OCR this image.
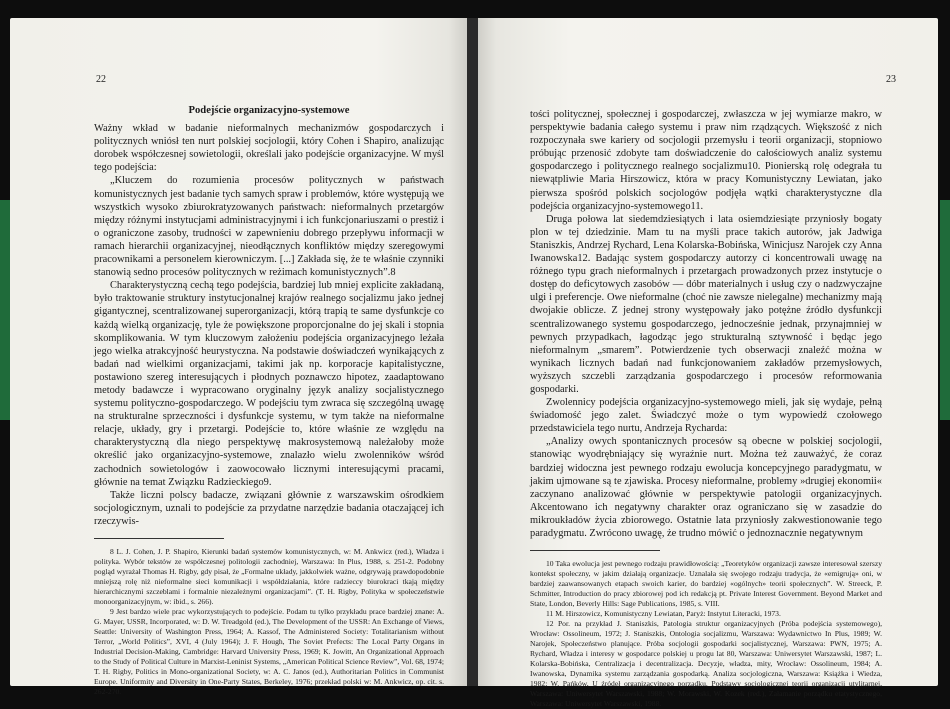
22
Podejście organizacyjno-systemowe

Ważny wkład w badanie nieformalnych mechanizmów gospodarczych i politycznych wniósł ten nurt polskiej socjologii, który Cohen i Shapiro, analizując dorobek współczesnej sowietologii, określali jako podejście organizacyjne. W myśl tego podejścia:

„Kluczem do rozumienia procesów politycznych w państwach komunistycznych jest badanie tych samych spraw i problemów, które występują we wszystkich wysoko zbiurokratyzowanych państwach: nieformalnych przetargów między różnymi instytucjami administracyjnymi i ich funkcjonariuszami o prestiż i o ograniczone zasoby, trudności w zapewnieniu dobrego przepływu informacji w ramach hierarchii organizacyjnej, nieodłącznych konfliktów między szeregowymi pracownikami a personelem kierowniczym. [...] Zakłada się, że te właśnie czynniki stanowią sedno procesów politycznych w reżimach komunistycznych”.8

Charakterystyczną cechą tego podejścia, bardziej lub mniej explicite zakładaną, było traktowanie struktury instytucjonalnej krajów realnego socjalizmu jako jednej gigantycznej, scentralizowanej superorganizacji, którą trapią te same dysfunkcje co każdą wielką organizację, tyle że powiększone proporcjonalne do jej skali i stopnia skomplikowania. W tym kluczowym założeniu podejścia organizacyjnego leżała jego wielka atrakcyjność heurystyczna. Na podstawie doświadczeń wynikających z badań nad wielkimi organizacjami, takimi jak np. korporacje kapitalistyczne, postawiono szereg interesujących i płodnych poznawczo hipotez, zaadaptowano metody badawcze i wypracowano oryginalny język analizy socjalistycznego systemu polityczno-gospodarczego. W podejściu tym zwraca się szczególną uwagę na strukturalne sprzeczności i dysfunkcje systemu, w tym także na nieformalne relacje, układy, gry i przetargi. Podejście to, które właśnie ze względu na charakterystyczną dla niego perspektywę makrosystemową należałoby może określić jako organizacyjno-systemowe, znalazło wielu zwolenników wśród zachodnich sowietologów i zaowocowało licznymi interesującymi pracami, głównie na temat Związku Radzieckiego9.

Także liczni polscy badacze, związani głównie z warszawskim ośrodkiem socjologicznym, uznali to podejście za przydatne narzędzie badania otaczającej ich rzeczywis-

8 L. J. Cohen, J. P. Shapiro, Kierunki badań systemów komunistycznych, w: M. Ankwicz (red.), Władza i polityka. Wybór tekstów ze współczesnej politologii zachodniej, Warszawa: In Plus, 1988, s. 251-2. Podobny pogląd wyrażał Thomas H. Rigby, gdy pisał, że „Formalne układy, jakkolwiek ważne, odgrywają prawdopodobnie mniejszą rolę niż nieformalne sieci komunikacji i współdziałania, które radzieccy biurokraci tkają między hierarchicznymi szczeblami i formalnie niezależnymi organizacjami”. (T. H. Rigby, Polityka w społeczeństwie monoorganizacyjnym, w: ibid., s. 266).

9 Jest bardzo wiele prac wykorzystujących to podejście. Podam tu tylko przykładu prace bardziej znane: A. G. Mayer, USSR, Incorporated, w: D. W. Treadgold (ed.), The Development of the USSR: An Exchange of Views, Seattle: University of Washington Press, 1964; A. Kassof, The Administered Society: Totalitarianism without Terror, „World Politics”, XVI, 4 (July 1964); J. F. Hough, The Soviet Prefects: The Local Party Organs in Industrial Decision-Making, Cambridge: Harvard University Press, 1969; K. Jowitt, An Organizational Approach to the Study of Political Culture in Marxist-Leninist Systems, „American Political Science Review”, Vol. 68, 1974; T. H. Rigby, Politics in Mono-organizational Society, w: A. C. Janos (ed.), Authoritarian Politics in Communist Europe. Uniformity and Diversity in One-Party States, Berkeley, 1976; przekład polski w: M. Ankwicz, op. cit. s. 262-270.

23

tości politycznej, społecznej i gospodarczej, zwłaszcza w jej wymiarze makro, w perspektywie badania całego systemu i praw nim rządzących. Większość z nich rozpoczynała swe kariery od socjologii przemysłu i teorii organizacji, stopniowo próbując przenosić zdobyte tam doświadczenie do całościowych analiz systemu gospodarczego i politycznego realnego socjalizmu10. Pionierską rolę odegrała tu niewątpliwie Maria Hirszowicz, która w pracy Komunistyczny Lewiatan, jako pierwsza spośród polskich socjologów podjęła wątki charakterystyczne dla podejścia organizacyjno-systemowego11.

Druga połowa lat siedemdziesiątych i lata osiemdziesiąte przyniosły bogaty plon w tej dziedzinie. Mam tu na myśli prace takich autorów, jak Jadwiga Staniszkis, Andrzej Rychard, Lena Kolarska-Bobińska, Winicjusz Narojek czy Anna Iwanowska12. Badając system gospodarczy autorzy ci koncentrowali uwagę na różnego typu grach nieformalnych i przetargach prowadzonych przez instytucje o dostęp do deficytowych zasobów — dóbr materialnych i usług czy o nadzwyczajne ulgi i preferencje. Owe nieformalne (choć nie zawsze nielegalne) mechanizmy mają dwojakie oblicze. Z jednej strony występowały jako potężne źródło dysfunkcji scentralizowanego systemu gospodarczego, jednocześnie jednak, przynajmniej w pewnych przypadkach, łagodząc jego strukturalną sztywność i będąc jego nieformalnym „smarem”. Potwierdzenie tych obserwacji znaleźć można w wynikach licznych badań nad funkcjonowaniem zakładów przemysłowych, wyższych szczebli zarządzania gospodarczego i procesów reformowania gospodarki.

Zwolennicy podejścia organizacyjno-systemowego mieli, jak się wydaje, pełną świadomość jego zalet. Świadczyć może o tym wypowiedź czołowego przedstawiciela tego nurtu, Andrzeja Rycharda:

„Analizy owych spontanicznych procesów są obecne w polskiej socjologii, stanowiąc wyodrębniający się wyraźnie nurt. Można też zauważyć, że coraz bardziej widoczna jest pewnego rodzaju ewolucja koncepcyjnego paradygmatu, w jakim ujmowane są te zjawiska. Procesy nieformalne, problemy »drugiej ekonomii« zaczynano analizować głównie w perspektywie patologii organizacyjnych. Akcentowano ich negatywny charakter oraz ograniczano się w zasadzie do mikroukładów życia zbiorowego. Ostatnie lata przyniosły zakwestionowanie tego paradygmatu. Zwrócono uwagę, że trudno mówić o jednoznacznie negatywnym

10 Taka ewolucja jest pewnego rodzaju prawidłowością: „Teoretyków organizacji zawsze interesował szerszy kontekst społeczny, w jakim działają organizacje. Uznalała się swojego rodzaju tradycja, że «emigrują» oni, w bardziej zaawansowanych etapach swoich karier, do bardziej «ogólnych» teorii społecznych”. W. Streeck, P. Schmitter, Introduction do pracy zbiorowej pod ich redakcją pt. Private Interest Government. Beyond Market and State, London, Beverly Hills: Sage Publications, 1985, s. VIII.

11 M. Hirszowicz, Komunistyczny Lewiatan, Paryż: Instytut Literacki, 1973.

12 Por. na przykład J. Staniszkis, Patologia struktur organizacyjnych (Próba podejścia systemowego), Wrocław: Ossolineum, 1972; J. Staniszkis, Ontologia socjalizmu, Warszawa: Wydawnictwo In Plus, 1989; W. Narojek, Społeczeństwo planujące. Próba socjologii gospodarki socjalistycznej, Warszawa: PWN, 1975; A. Rychard, Władza i interesy w gospodarce polskiej u progu lat 80, Warszawa: Uniwersytet Warszawski, 1987; L. Kolarska-Bobińska, Centralizacja i decentralizacja. Decyzje, władza, mity, Wrocław: Ossolineum, 1984; A. Iwanowska, Dynamika systemu zarządzania gospodarką. Analiza socjologiczna, Warszawa: Książka i Wiedza, 1982; W. Pańków, U źródeł organizacyjnego porządku. Podstawy socjologicznej teorii organizacji utylitarnej, Warszawa: Uniwersytet Warszawski, 1988; W. Morawski, W. Kozek (red.), Załamanie porządku etatystycznego, Warszawa: Uniwersytet Warszawski, 1988.
